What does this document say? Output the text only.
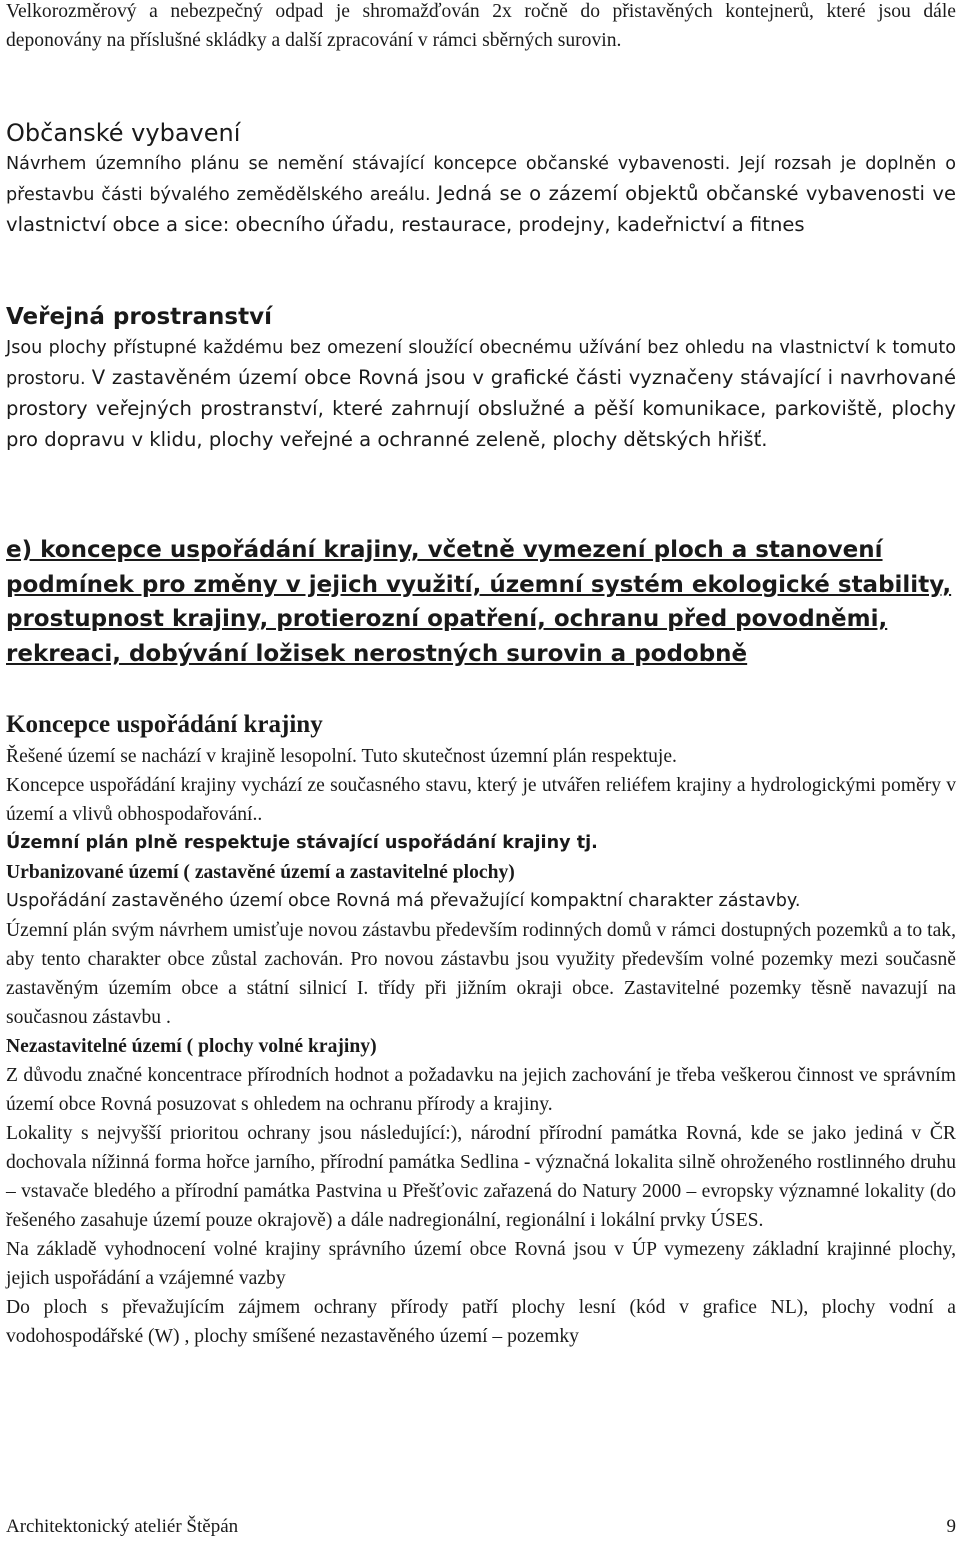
Velkorozměrový a nebezpečný odpad je shromažďován 2x ročně do přistavěných kontejnerů, které jsou dále deponovány na příslušné skládky a další zpracování v rámci sběrných surovin.

Občanské vybavení

Návrhem územního plánu se nemění stávající koncepce občanské vybavenosti. Její rozsah je doplněn o přestavbu části bývalého zemědělského areálu. Jedná se o zázemí objektů občanské vybavenosti ve vlastnictví obce a sice: obecního úřadu, restaurace, prodejny, kadeřnictví a fitnes

Veřejná prostranství

Jsou plochy přístupné každému bez omezení sloužící obecnému užívání bez ohledu na vlastnictví k tomuto prostoru. V zastavěném území obce Rovná jsou v grafické části vyznačeny stávající i navrhované prostory veřejných prostranství, které zahrnují obslužné a pěší komunikace, parkoviště, plochy pro dopravu v klidu, plochy veřejné a ochranné zeleně, plochy dětských hřišť.

e) koncepce uspořádání krajiny, včetně vymezení ploch a stanovení podmínek pro změny v jejich využití, územní systém ekologické stability, prostupnost krajiny, protierozní opatření, ochranu před povodněmi, rekreaci, dobývání ložisek nerostných surovin a podobně
Koncepce uspořádání krajiny

Řešené území se nachází v krajině lesopolní. Tuto skutečnost územní plán respektuje.

Koncepce uspořádání krajiny vychází ze současného stavu, který je utvářen reliéfem krajiny a hydrologickými poměry v území a vlivů obhospodařování..

Územní plán plně respektuje stávající uspořádání krajiny tj.

Urbanizované území ( zastavěné území a zastavitelné plochy)

Uspořádání zastavěného území obce Rovná má převažující kompaktní charakter zástavby.

Územní plán svým návrhem umisťuje novou zástavbu především rodinných domů v rámci dostupných pozemků a to tak, aby tento charakter obce zůstal zachován. Pro novou zástavbu jsou využity především volné pozemky mezi současně zastavěným územím obce a státní silnicí I. třídy při jižním okraji obce. Zastavitelné pozemky těsně navazují na současnou zástavbu .

Nezastavitelné území ( plochy volné krajiny)

Z důvodu značné koncentrace přírodních hodnot a požadavku na jejich zachování je třeba veškerou činnost ve správním území obce Rovná posuzovat s ohledem na ochranu přírody a krajiny.

Lokality s nejvyšší prioritou ochrany jsou následující:), národní přírodní památka Rovná, kde se jako jediná v ČR dochovala nížinná forma hořce jarního, přírodní památka Sedlina - význačná lokalita silně ohroženého rostlinného druhu – vstavače bledého a přírodní památka Pastvina u Přešťovic zařazená do Natury 2000 – evropsky významné lokality (do řešeného zasahuje území pouze okrajově) a dále nadregionální, regionální i lokální prvky ÚSES.

Na základě vyhodnocení volné krajiny správního území obce Rovná jsou v ÚP vymezeny základní krajinné plochy, jejich uspořádání a vzájemné vazby

Do ploch s převažujícím zájmem ochrany přírody patří plochy lesní (kód v grafice NL), plochy vodní a vodohospodářské (W) , plochy smíšené nezastavěného území – pozemky

Architektonický ateliér Štěpán	9
